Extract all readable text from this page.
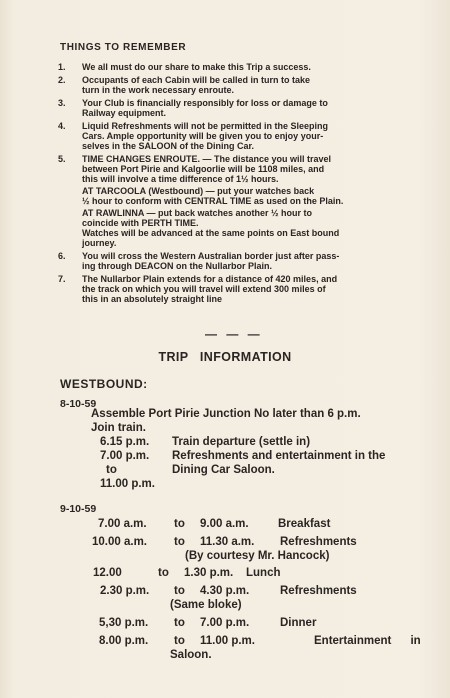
THINGS TO REMEMBER
1.	We all must do our share to make this Trip a success.

2.	Occupants of each Cabin will be called in turn to take

turn in the work necessary enroute.

3.	Your Club is financially responsibly for loss or damage to

Railway equipment.

4.	Liquid Refreshments will not be permitted in the Sleeping

Cars. Ample opportunity will be given you to enjoy your-

selves in the SALOON of the Dining Car.

5.	TIME CHANGES ENROUTE. — The distance you will travel

between Port Pirie and Kalgoorlie will be 1108 miles, and

this will involve a time difference of 1½ hours.

AT TARCOOLA (Westbound) — put your watches back

½ hour to conform with CENTRAL TIME as used on the Plain.

AT RAWLINNA — put back watches another ½ hour to

coincide with PERTH TIME.

Watches will be advanced at the same points on East bound

journey.

6.	You will cross the Western Australian border just after pass-

ing through DEACON on the Nullarbor Plain.

7.	The Nullarbor Plain extends for a distance of 420 miles, and

the track on which you will travel will extend 300 miles of

this in an absolutely straight line

— — —
TRIP   INFORMATION
WESTBOUND:
8-10-59
Assemble Port Pirie Junction No later than 6 p.m.
Join train.
6.15 p.m. Train departure (settle in)
7.00 p.m. Refreshments and entertainment in the
to	Dining Car Saloon.
11.00 p.m.
9-10-59
7.00 a.m. to 9.00 a.m.	Breakfast
10.00 a.m. to 11.30 a.m. Refreshments
(By courtesy Mr. Hancock)
12.00	to 1.30 p.m. Lunch
2.30 p.m. to 4.30 p.m.	Refreshments
(Same bloke)
5,30 p.m. to 7.00 p.m.	Dinner
8.00 p.m. to 11.00 p.m.	Entertainment      in
Saloon.
